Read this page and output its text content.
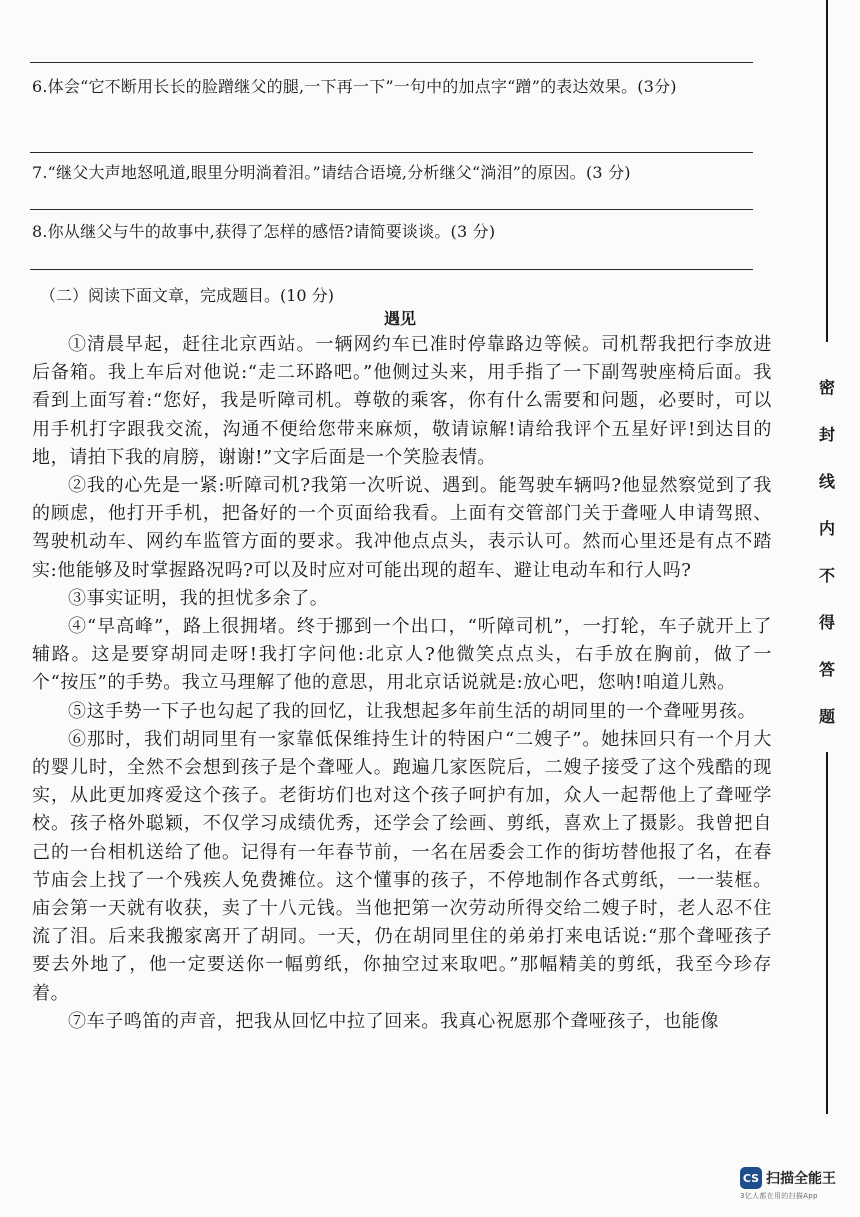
6.体会“它不断用长长的脸蹭继父的腿,一下再一下”一句中的加点字“蹭”的表达效果。(3分)
7.“继父大声地怒吼道,眼里分明淌着泪。”请结合语境,分析继父“淌泪”的原因。(3 分)
8.你从继父与牛的故事中,获得了怎样的感悟?请简要谈谈。(3 分)
（二）阅读下面文章，完成题目。(10 分)
遇见

①清晨早起，赶往北京西站。一辆网约车已准时停靠路边等候。司机帮我把行李放进后备箱。我上车后对他说:“走二环路吧。”他侧过头来，用手指了一下副驾驶座椅后面。我看到上面写着:“您好，我是听障司机。尊敬的乘客，你有什么需要和问题，必要时，可以用手机打字跟我交流，沟通不便给您带来麻烦，敬请谅解!请给我评个五星好评!到达目的地，请拍下我的肩膀，谢谢!”文字后面是一个笑脸表情。

②我的心先是一紧:听障司机?我第一次听说、遇到。能驾驶车辆吗?他显然察觉到了我的顾虑，他打开手机，把备好的一个页面给我看。上面有交管部门关于聋哑人申请驾照、驾驶机动车、网约车监管方面的要求。我冲他点点头，表示认可。然而心里还是有点不踏实:他能够及时掌握路况吗?可以及时应对可能出现的超车、避让电动车和行人吗?

③事实证明，我的担忧多余了。

④“早高峰”，路上很拥堵。终于挪到一个出口，“听障司机”，一打轮，车子就开上了辅路。这是要穿胡同走呀!我打字问他:北京人?他微笑点点头，右手放在胸前，做了一个“按压”的手势。我立马理解了他的意思，用北京话说就是:放心吧，您呐!咱道儿熟。

⑤这手势一下子也勾起了我的回忆，让我想起多年前生活的胡同里的一个聋哑男孩。

⑥那时，我们胡同里有一家靠低保维持生计的特困户“二嫂子”。她抹回只有一个月大的婴儿时，全然不会想到孩子是个聋哑人。跑遍几家医院后，二嫂子接受了这个残酷的现实，从此更加疼爱这个孩子。老街坊们也对这个孩子呵护有加，众人一起帮他上了聋哑学校。孩子格外聪颖，不仅学习成绩优秀，还学会了绘画、剪纸，喜欢上了摄影。我曾把自己的一台相机送给了他。记得有一年春节前，一名在居委会工作的街坊替他报了名，在春节庙会上找了一个残疾人免费摊位。这个懂事的孩子，不停地制作各式剪纸，一一装框。庙会第一天就有收获，卖了十八元钱。当他把第一次劳动所得交给二嫂子时，老人忍不住流了泪。后来我搬家离开了胡同。一天，仍在胡同里住的弟弟打来电话说:“那个聋哑孩子要去外地了，他一定要送你一幅剪纸，你抽空过来取吧。”那幅精美的剪纸，我至今珍存着。

⑦车子鸣笛的声音，把我从回忆中拉了回来。我真心祝愿那个聋哑孩子，也能像

密
封
线
内
不
得
答
题
CS 扫描全能王
3亿人都在用的扫描App
